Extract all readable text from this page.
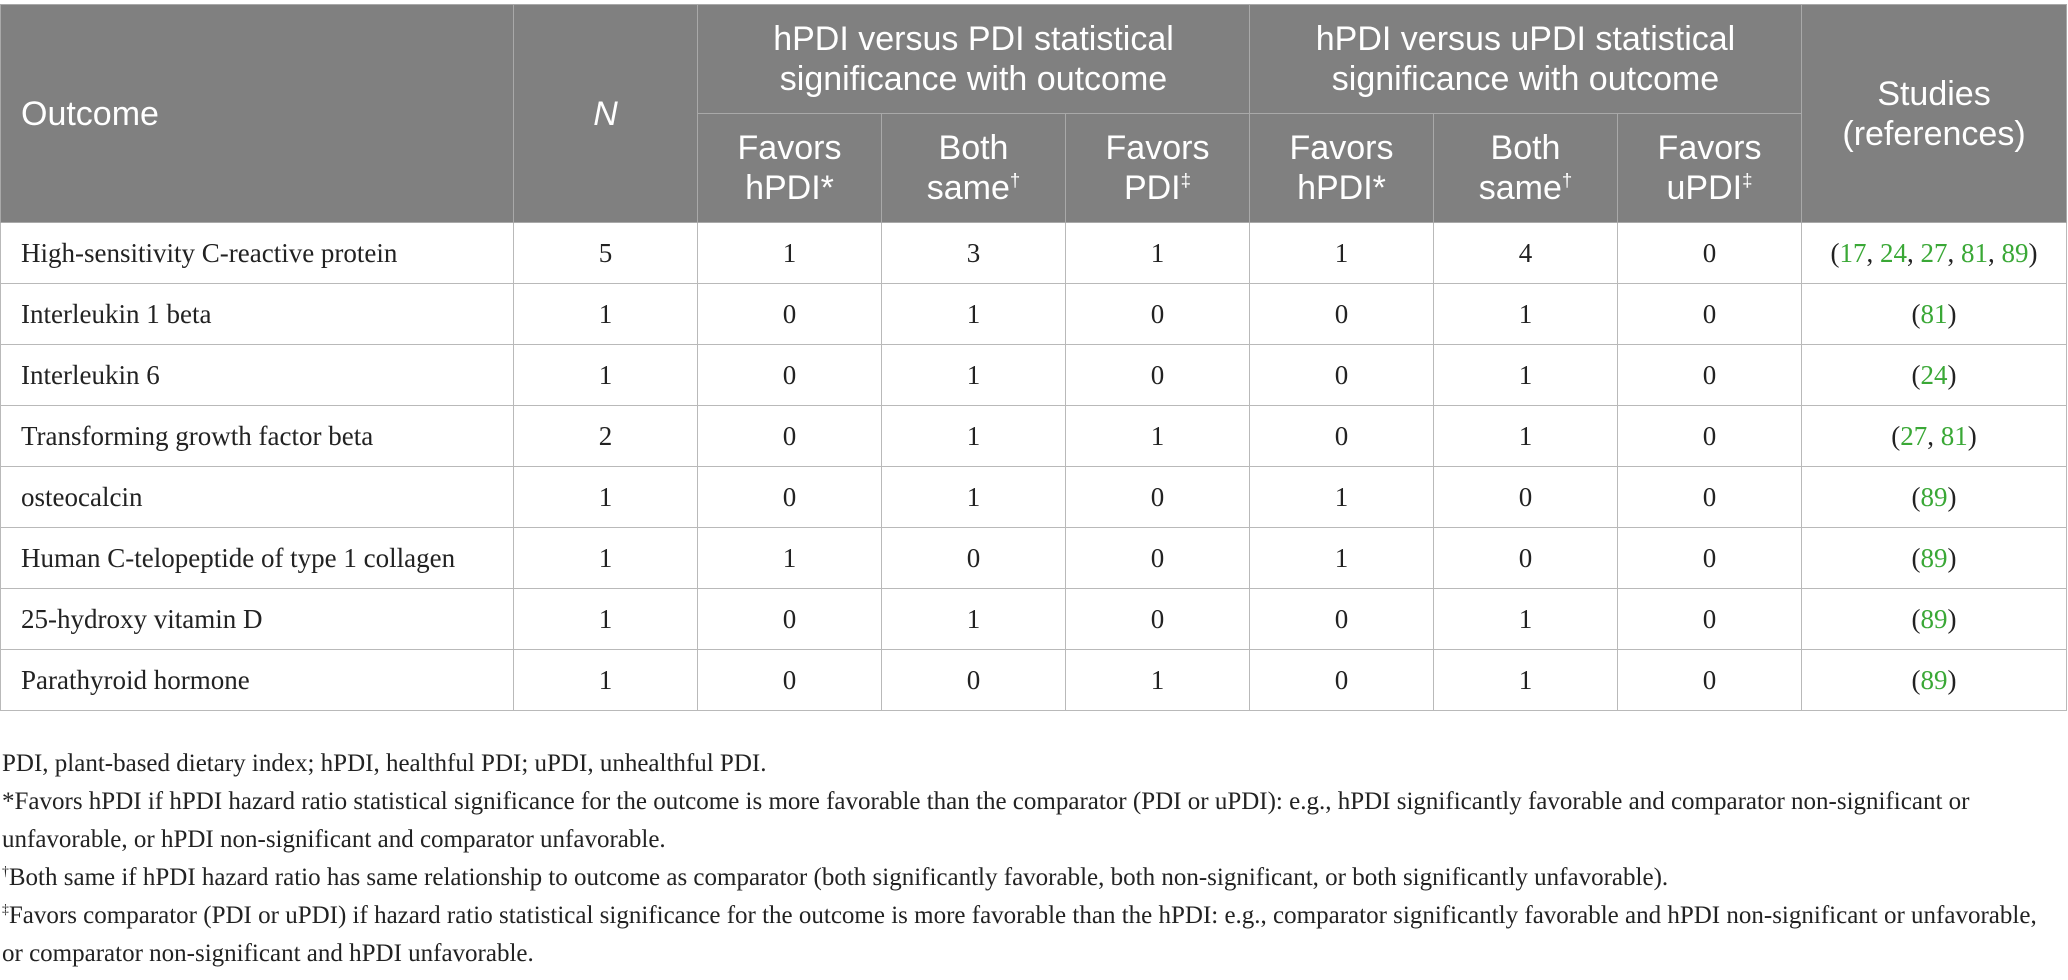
Outcome	N	hPDI versus PDI statistical significance with outcome			hPDI versus uPDI statistical significance with outcome			Studies (references)
		Favors hPDI*	Both same†	Favors PDI‡	Favors hPDI*	Both same†	Favors uPDI‡
High-sensitivity C-reactive protein	5	1	3	1	1	4	0	(17, 24, 27, 81, 89)
Interleukin 1 beta	1	0	1	0	0	1	0	(81)
Interleukin 6	1	0	1	0	0	1	0	(24)
Transforming growth factor beta	2	0	1	1	0	1	0	(27, 81)
osteocalcin	1	0	1	0	1	0	0	(89)
Human C-telopeptide of type 1 collagen	1	1	0	0	1	0	0	(89)
25-hydroxy vitamin D	1	0	1	0	0	1	0	(89)
Parathyroid hormone	1	0	0	1	0	1	0	(89)

PDI, plant-based dietary index; hPDI, healthful PDI; uPDI, unhealthful PDI.

*Favors hPDI if hPDI hazard ratio statistical significance for the outcome is more favorable than the comparator (PDI or uPDI): e.g., hPDI significantly favorable and comparator non-significant or unfavorable, or hPDI non-significant and comparator unfavorable.

†Both same if hPDI hazard ratio has same relationship to outcome as comparator (both significantly favorable, both non-significant, or both significantly unfavorable).

‡Favors comparator (PDI or uPDI) if hazard ratio statistical significance for the outcome is more favorable than the hPDI: e.g., comparator significantly favorable and hPDI non-significant or unfavorable, or comparator non-significant and hPDI unfavorable.
